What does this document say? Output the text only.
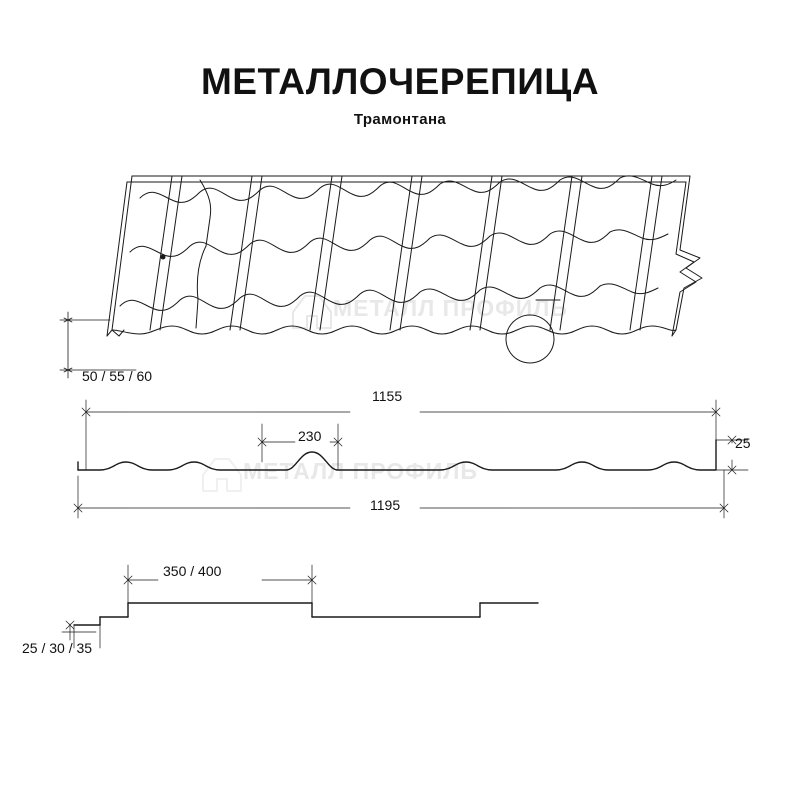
МЕТАЛЛОЧЕРЕПИЦА
Трамонтана
МЕТАЛЛ ПРОФИЛЬ
МЕТАЛЛ ПРОФИЛЬ
50 / 55 / 60
1155
230	25
1195
350 / 400
25 / 30 / 35
